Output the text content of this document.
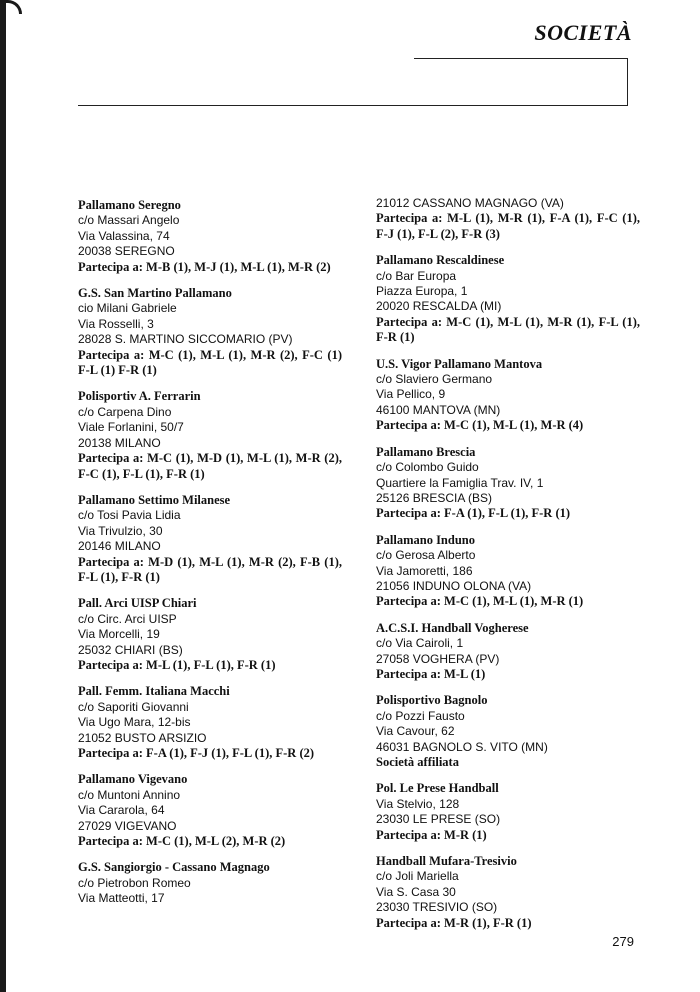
SOCIETÀ
Pallamano Seregno
c/o Massari Angelo
Via Valassina, 74
20038 SEREGNO
Partecipa a: M-B (1), M-J (1), M-L (1), M-R (2)
G.S. San Martino Pallamano
cio Milani Gabriele
Via Rosselli, 3
28028 S. MARTINO SICCOMARIO (PV)
Partecipa a: M-C (1), M-L (1), M-R (2), F-C (1) F-L (1) F-R (1)
Polisportiv A. Ferrarin
c/o Carpena Dino
Viale Forlanini, 50/7
20138 MILANO
Partecipa a: M-C (1), M-D (1), M-L (1), M-R (2), F-C (1), F-L (1), F-R (1)
Pallamano Settimo Milanese
c/o Tosi Pavia Lidia
Via Trivulzio, 30
20146 MILANO
Partecipa a: M-D (1), M-L (1), M-R (2), F-B (1), F-L (1), F-R (1)
Pall. Arci UISP Chiari
c/o Circ. Arci UISP
Via Morcelli, 19
25032 CHIARI (BS)
Partecipa a: M-L (1), F-L (1), F-R (1)
Pall. Femm. Italiana Macchi
c/o Saporiti Giovanni
Via Ugo Mara, 12-bis
21052 BUSTO ARSIZIO
Partecipa a: F-A (1), F-J (1), F-L (1), F-R (2)
Pallamano Vigevano
c/o Muntoni Annino
Via Cararola, 64
27029 VIGEVANO
Partecipa a: M-C (1), M-L (2), M-R (2)
G.S. Sangiorgio - Cassano Magnago
c/o Pietrobon Romeo
Via Matteotti, 17
21012 CASSANO MAGNAGO (VA)
Partecipa a: M-L (1), M-R (1), F-A (1), F-C (1), F-J (1), F-L (2), F-R (3)
Pallamano Rescaldinese
c/o Bar Europa
Piazza Europa, 1
20020 RESCALDA (MI)
Partecipa a: M-C (1), M-L (1), M-R (1), F-L (1), F-R (1)
U.S. Vigor Pallamano Mantova
c/o Slaviero Germano
Via Pellico, 9
46100 MANTOVA (MN)
Partecipa a: M-C (1), M-L (1), M-R (4)
Pallamano Brescia
c/o Colombo Guido
Quartiere la Famiglia Trav. IV, 1
25126 BRESCIA (BS)
Partecipa a: F-A (1), F-L (1), F-R (1)
Pallamano Induno
c/o Gerosa Alberto
Via Jamoretti, 186
21056 INDUNO OLONA (VA)
Partecipa a: M-C (1), M-L (1), M-R (1)
A.C.S.I. Handball Vogherese
c/o Via Cairoli, 1
27058 VOGHERA (PV)
Partecipa a: M-L (1)
Polisportivo Bagnolo
c/o Pozzi Fausto
Via Cavour, 62
46031 BAGNOLO S. VITO (MN)
Società affiliata
Pol. Le Prese Handball
Via Stelvio, 128
23030 LE PRESE (SO)
Partecipa a: M-R (1)
Handball Mufara-Tresivio
c/o Joli Mariella
Via S. Casa 30
23030 TRESIVIO (SO)
Partecipa a: M-R (1), F-R (1)
279
